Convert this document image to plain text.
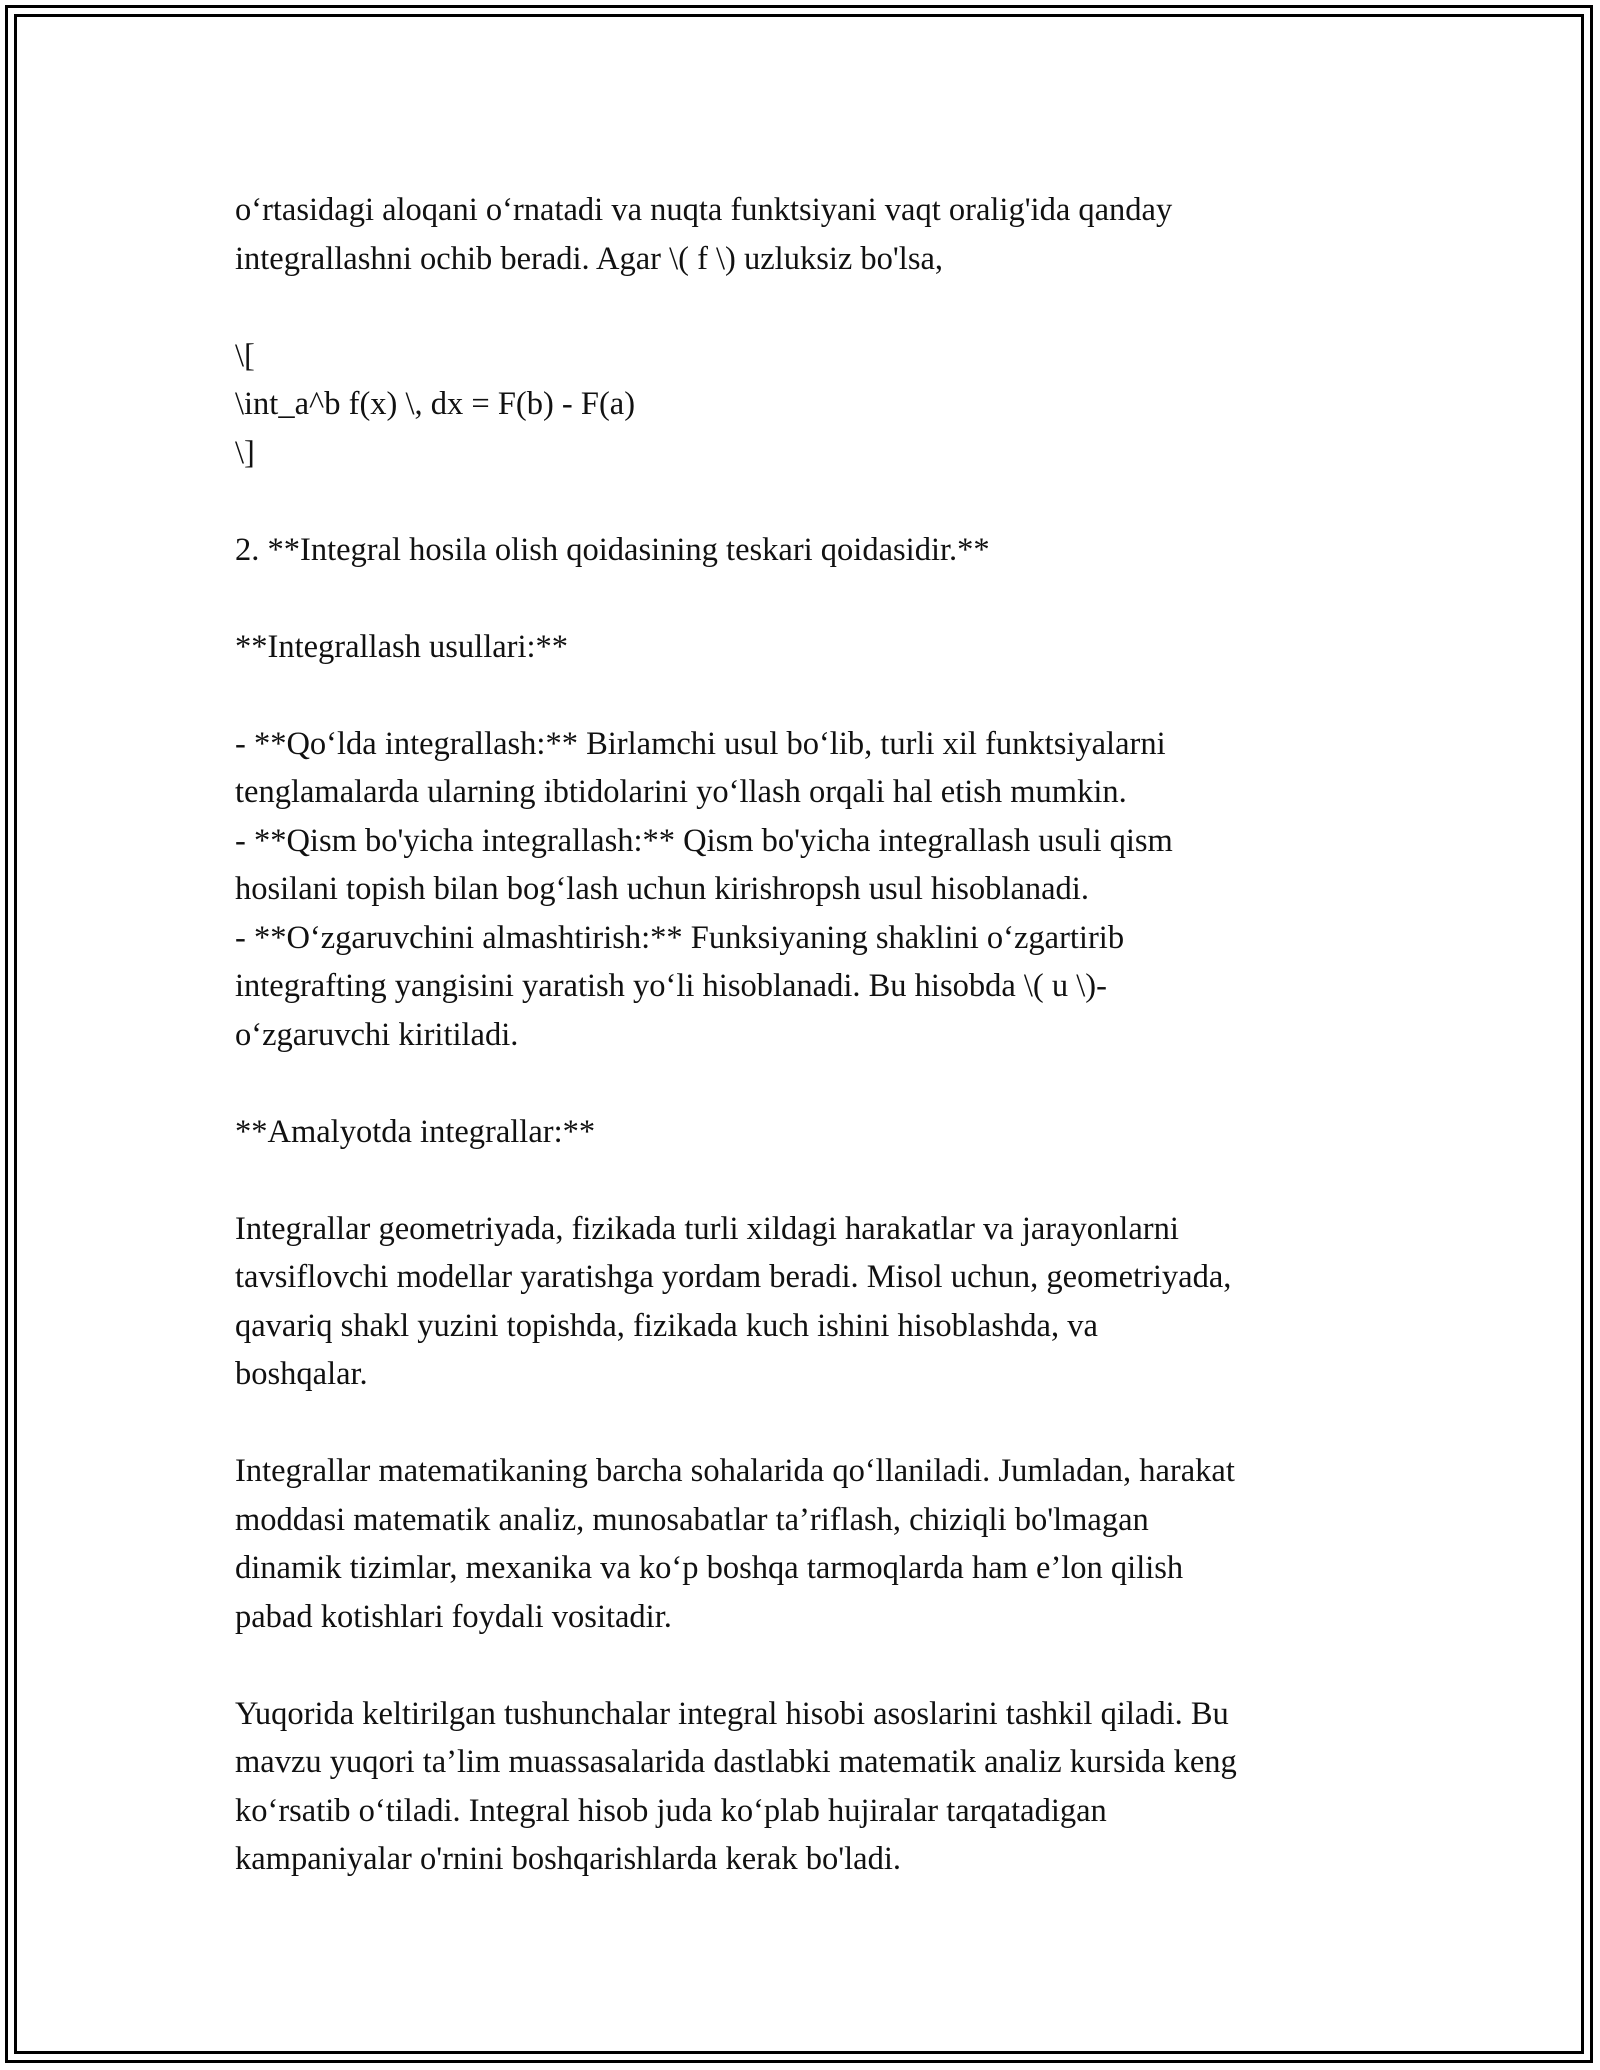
o‘rtasidagi aloqani o‘rnatadi va nuqta funktsiyani vaqt oralig'ida qanday
integrallashni ochib beradi. Agar \( f \) uzluksiz bo'lsa,
\[
\int_a^b f(x) \, dx = F(b) - F(a)
\]
2. **Integral hosila olish qoidasining teskari qoidasidir.**
**Integrallash usullari:**
- **Qo‘lda integrallash:** Birlamchi usul bo‘lib, turli xil funktsiyalarni
tenglamalarda ularning ibtidolarini yo‘llash orqali hal etish mumkin.
- **Qism bo'yicha integrallash:** Qism bo'yicha integrallash usuli qism
hosilani topish bilan bog‘lash uchun kirishropsh usul hisoblanadi.
- **O‘zgaruvchini almashtirish:** Funksiyaning shaklini o‘zgartirib
integrafting yangisini yaratish yo‘li hisoblanadi. Bu hisobda \( u \)-
o‘zgaruvchi kiritiladi.
**Amalyotda integrallar:**
Integrallar geometriyada, fizikada turli xildagi harakatlar va jarayonlarni
tavsiflovchi modellar yaratishga yordam beradi. Misol uchun, geometriyada,
qavariq shakl yuzini topishda, fizikada kuch ishini hisoblashda, va
boshqalar.
Integrallar matematikaning barcha sohalarida qo‘llaniladi. Jumladan, harakat
moddasi matematik analiz, munosabatlar ta’riflash, chiziqli bo'lmagan
dinamik tizimlar, mexanika va ko‘p boshqa tarmoqlarda ham e’lon qilish
pabad kotishlari foydali vositadir.
Yuqorida keltirilgan tushunchalar integral hisobi asoslarini tashkil qiladi. Bu
mavzu yuqori ta’lim muassasalarida dastlabki matematik analiz kursida keng
ko‘rsatib o‘tiladi. Integral hisob juda ko‘plab hujiralar tarqatadigan
kampaniyalar o'rnini boshqarishlarda kerak bo'ladi.
